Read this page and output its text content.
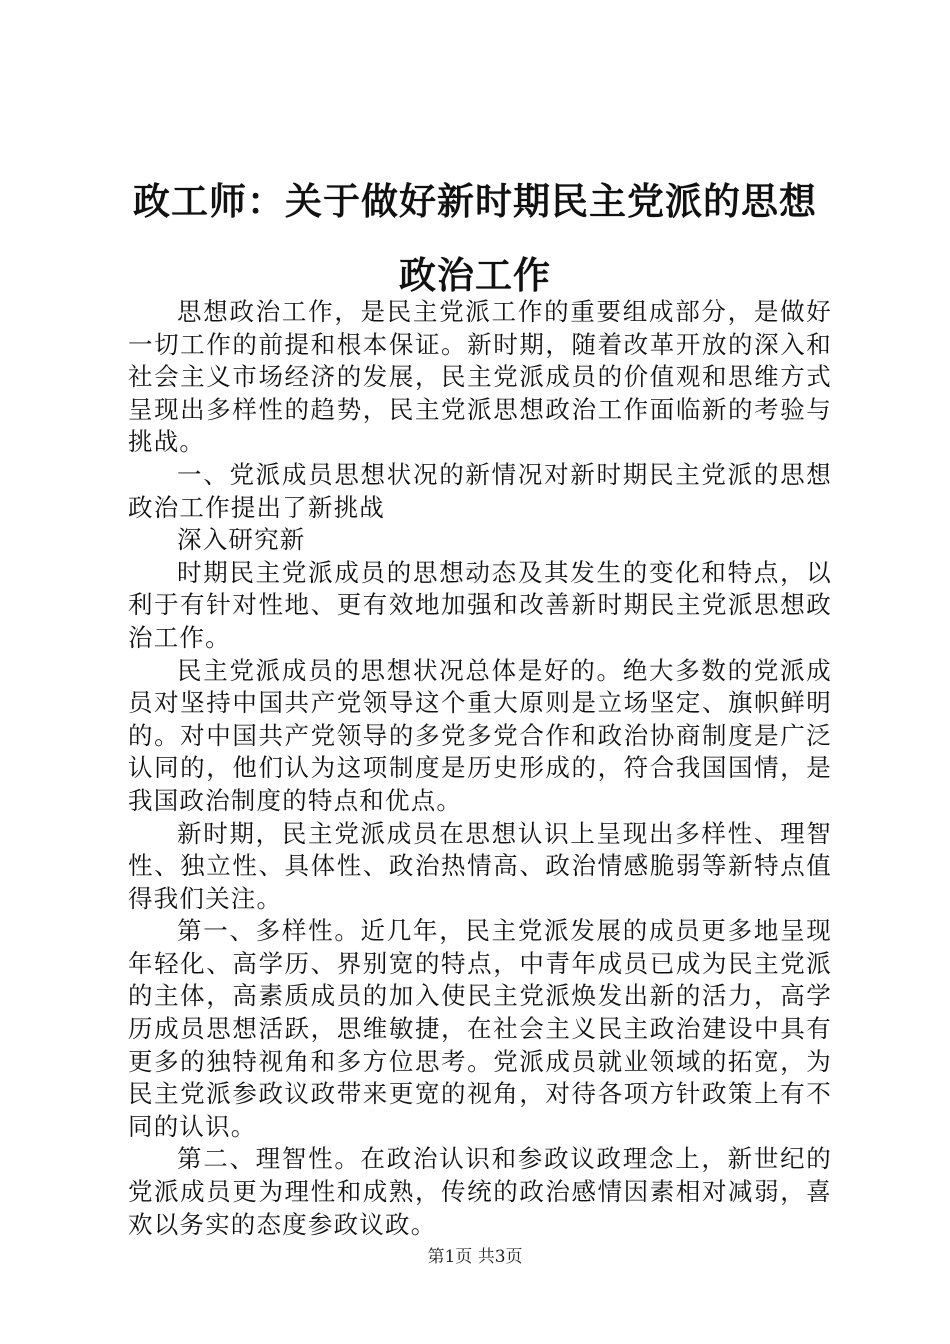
政工师：关于做好新时期民主党派的思想政治工作

思想政治工作，是民主党派工作的重要组成部分，是做好一切工作的前提和根本保证。新时期，随着改革开放的深入和社会主义市场经济的发展，民主党派成员的价值观和思维方式呈现出多样性的趋势，民主党派思想政治工作面临新的考验与挑战。

一、党派成员思想状况的新情况对新时期民主党派的思想政治工作提出了新挑战

深入研究新

时期民主党派成员的思想动态及其发生的变化和特点，以利于有针对性地、更有效地加强和改善新时期民主党派思想政治工作。

民主党派成员的思想状况总体是好的。绝大多数的党派成员对坚持中国共产党领导这个重大原则是立场坚定、旗帜鲜明的。对中国共产党领导的多党多党合作和政治协商制度是广泛认同的，他们认为这项制度是历史形成的，符合我国国情，是我国政治制度的特点和优点。

新时期，民主党派成员在思想认识上呈现出多样性、理智性、独立性、具体性、政治热情高、政治情感脆弱等新特点值得我们关注。

第一、多样性。近几年，民主党派发展的成员更多地呈现年轻化、高学历、界别宽的特点，中青年成员已成为民主党派的主体，高素质成员的加入使民主党派焕发出新的活力，高学历成员思想活跃，思维敏捷，在社会主义民主政治建设中具有更多的独特视角和多方位思考。党派成员就业领域的拓宽，为民主党派参政议政带来更宽的视角，对待各项方针政策上有不同的认识。

第二、理智性。在政治认识和参政议政理念上，新世纪的党派成员更为理性和成熟，传统的政治感情因素相对减弱，喜欢以务实的态度参政议政。

第1页 共3页
